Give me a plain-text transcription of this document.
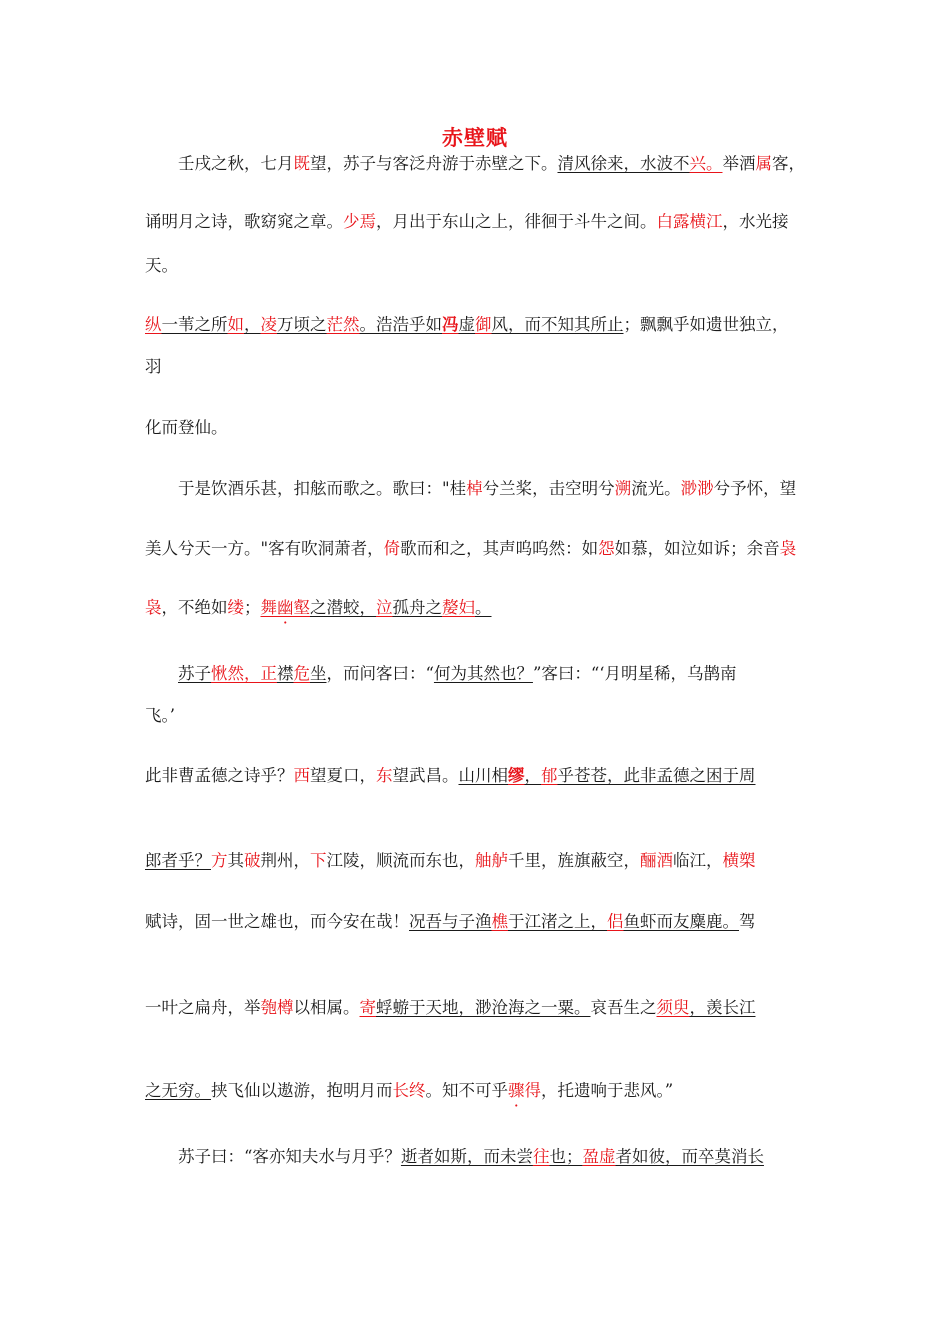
赤壁赋
壬戌之秋，七月既望，苏子与客泛舟游于赤壁之下。清风徐来，水波不兴。举酒属客，
诵明月之诗，歌窈窕之章。少焉，月出于东山之上，徘徊于斗牛之间。白露横江，水光接
天。
纵一苇之所如，凌万顷之茫然。浩浩乎如冯虚御风，而不知其所止；飘飘乎如遗世独立，
羽
化而登仙。
于是饮酒乐甚，扣舷而歌之。歌曰："桂棹兮兰桨，击空明兮溯流光。渺渺兮予怀，望
美人兮天一方。"客有吹洞萧者，倚歌而和之，其声呜呜然：如怨如慕，如泣如诉；余音袅
袅，不绝如缕；舞幽壑之潜蛟，泣孤舟之嫠妇。
苏子愀然，正襟危坐，而问客曰：“何为其然也？”客曰：“‘月明星稀，乌鹊南
飞。’
此非曹孟德之诗乎？西望夏口，东望武昌。山川相缪，郁乎苍苍，此非孟德之困于周
郎者乎？方其破荆州，下江陵，顺流而东也，舳舻千里，旌旗蔽空，酾酒临江，横槊
赋诗，固一世之雄也，而今安在哉！况吾与子渔樵于江渚之上，侣鱼虾而友麋鹿。驾
一叶之扁舟，举匏樽以相属。寄蜉蝣于天地，渺沧海之一粟。哀吾生之须臾，羡长江
之无穷。挟飞仙以遨游，抱明月而长终。知不可乎骤得，托遗响于悲风。”
苏子曰：“客亦知夫水与月乎？逝者如斯，而未尝往也；盈虚者如彼，而卒莫消长
